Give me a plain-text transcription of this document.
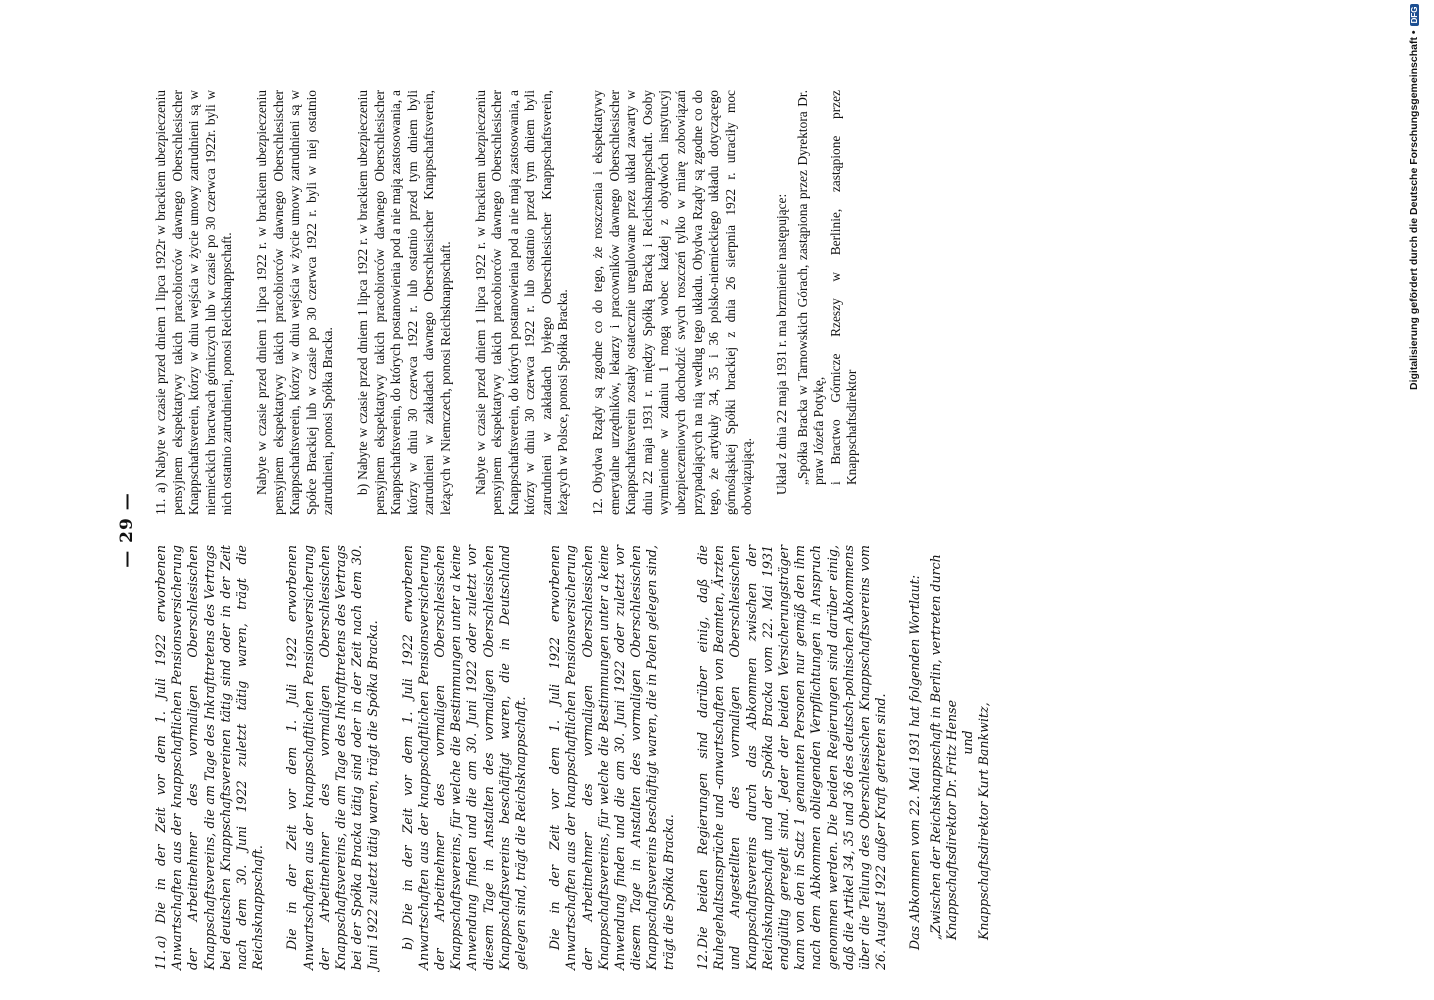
— 29 —

11.a) Die in der Zeit vor dem 1. Juli 1922 erworbenen Anwartschaften aus der knappschaftlichen Pensionsversicherung der Arbeitnehmer des vormaligen Oberschlesischen Knappschaftsvereins, die am Tage des Inkrafttretens des Vertrags bei deutschen Knappschaftsvereinen tätig sind oder in der Zeit nach dem 30. Juni 1922 zuletzt tätig waren, trägt die Reichsknappschaft. Die in der Zeit vor dem 1. Juli 1922 erworbenen Anwartschaften aus der knappschaftlichen Pensionsversicherung der Arbeitnehmer des vormaligen Oberschlesischen Knappschaftsvereins, die am Tage des Inkrafttretens des Vertrags bei der Spółka Bracka tätig sind oder in der Zeit nach dem 30. Juni 1922 zuletzt tätig waren, trägt die Spółka Bracka. b) Die in der Zeit vor dem 1. Juli 1922 erworbenen Anwartschaften aus der knappschaftlichen Pensionsversicherung der Arbeitnehmer des vormaligen Oberschlesischen Knappschaftsvereins, für welche die Bestimmungen unter a keine Anwendung finden und die am 30. Juni 1922 oder zuletzt vor diesem Tage in Anstalten des vormaligen Oberschlesischen Knappschaftsvereins beschäftigt waren, die in Deutschland gelegen sind, trägt die Reichsknappschaft. Die in der Zeit vor dem 1. Juli 1922 erworbenen Anwartschaften aus der knappschaftlichen Pensionsversicherung der Arbeitnehmer des vormaligen Oberschlesischen Knappschaftsvereins, für welche die Bestimmungen unter a keine Anwendung finden und die am 30. Juni 1922 oder zuletzt vor diesem Tage in Anstalten des vormaligen Oberschlesischen Knappschaftsvereins beschäftigt waren, die in Polen gelegen sind, trägt die Spółka Bracka. 12.Die beiden Regierungen sind darüber einig, daß die Ruhegehaltsansprüche und -anwartschaften von Beamten, Ärzten und Angestellten des vormaligen Oberschlesischen Knappschaftsvereins durch das Abkommen zwischen der Reichsknappschaft und der Spółka Bracka vom 22. Mai 1931 endgültig geregelt sind. Jeder der beiden Versicherungsträger kann von den in Satz 1 genannten Personen nur gemäß den ihm nach dem Abkommen obliegenden Verpflichtungen in Anspruch genommen werden. Die beiden Regierungen sind darüber einig, daß die Artikel 34, 35 und 36 des deutsch-polnischen Abkommens über die Teilung des Oberschlesischen Knappschaftsvereins vom 26. August 1922 außer Kraft getreten sind. Das Abkommen vom 22. Mai 1931 hat folgenden Wortlaut: „Zwischen der Reichsknappschaft in Berlin, vertreten durch Knappschaftsdirektor Dr. Fritz Hense und Knappschaftsdirektor Kurt Bankwitz,

11.a) Nabyte w czasie przed dniem 1 lipca 1922r w brackiem ubezpieczeniu pensyjnem ekspektatywy takich pracobiorców dawnego Oberschlesischer Knappschaftsverein, którzy w dniu wejścia w życie umowy zatrudnieni są w niemieckich bractwach górniczych lub w czasie po 30 czerwca 1922r. byli w nich ostatnio zatrudnieni, ponosi Reichsknappschaft. Nabyte w czasie przed dniem 1 lipca 1922 r. w brackiem ubezpieczeniu pensyjnem ekspektatywy takich pracobiorców dawnego Oberschlesischer Knappschaftsverein, którzy w dniu wejścia w życie umowy zatrudnieni są w Spółce Brackiej lub w czasie po 30 czerwca 1922 r. byli w niej ostatnio zatrudnieni, ponosi Spółka Bracka. b) Nabyte w czasie przed dniem 1 lipca 1922 r. w brackiem ubezpieczeniu pensyjnem ekspektatywy takich pracobiorców dawnego Oberschlesischer Knappschaftsverein, do których postanowienia pod a nie mają zastosowania, a którzy w dniu 30 czerwca 1922 r. lub ostatnio przed tym dniem byli zatrudnieni w zakładach dawnego Oberschlesischer Knappschaftsverein, leżących w Niemczech, ponosi Reichsknappschaft. Nabyte w czasie przed dniem 1 lipca 1922 r. w brackiem ubezpieczeniu pensyjnem ekspektatywy takich pracobiorców dawnego Oberschlesischer Knappschaftsverein, do których postanowienia pod a nie mają zastosowania, a którzy w dniu 30 czerwca 1922 r. lub ostatnio przed tym dniem byli zatrudnieni w zakładach byłego Oberschlesischer Knappschaftsverein, leżących w Polsce, ponosi Spółka Bracka. 12.Obydwa Rządy są zgodne co do tego, że roszczenia i ekspektatywy emerytalne urzędników, lekarzy i pracowników dawnego Oberschlesischer Knappschaftsverein zostały ostatecznie uregulowane przez układ zawarty w dniu 22 maja 1931 r. między Spółką Bracką i Reichsknappschaft. Osoby wymienione w zdaniu 1 mogą wobec każdej z obydwóch instytucyj ubezpieczeniowych dochodzić swych roszczeń tylko w miarę zobowiązań przypadających na nią według tego układu. Obydwa Rządy są zgodne co do tego, że artykuły 34, 35 i 36 polsko-niemieckiego układu dotyczącego górnośląskiej Spółki brackiej z dnia 26 sierpnia 1922 r. utraciły moc obowiązującą. Układ z dnia 22 maja 1931 r. ma brzmienie następujące: „Spółka Bracka w Tarnowskich Górach, zastąpiona przez Dyrektora Dr. praw Józefa Potykę, i Bractwo Górnicze Rzeszy w Berlinie, zastąpione przez Knappschaftsdirektor
Digitalisierung gefördert durch die Deutsche Forschungsgemeinschaft •DFG
